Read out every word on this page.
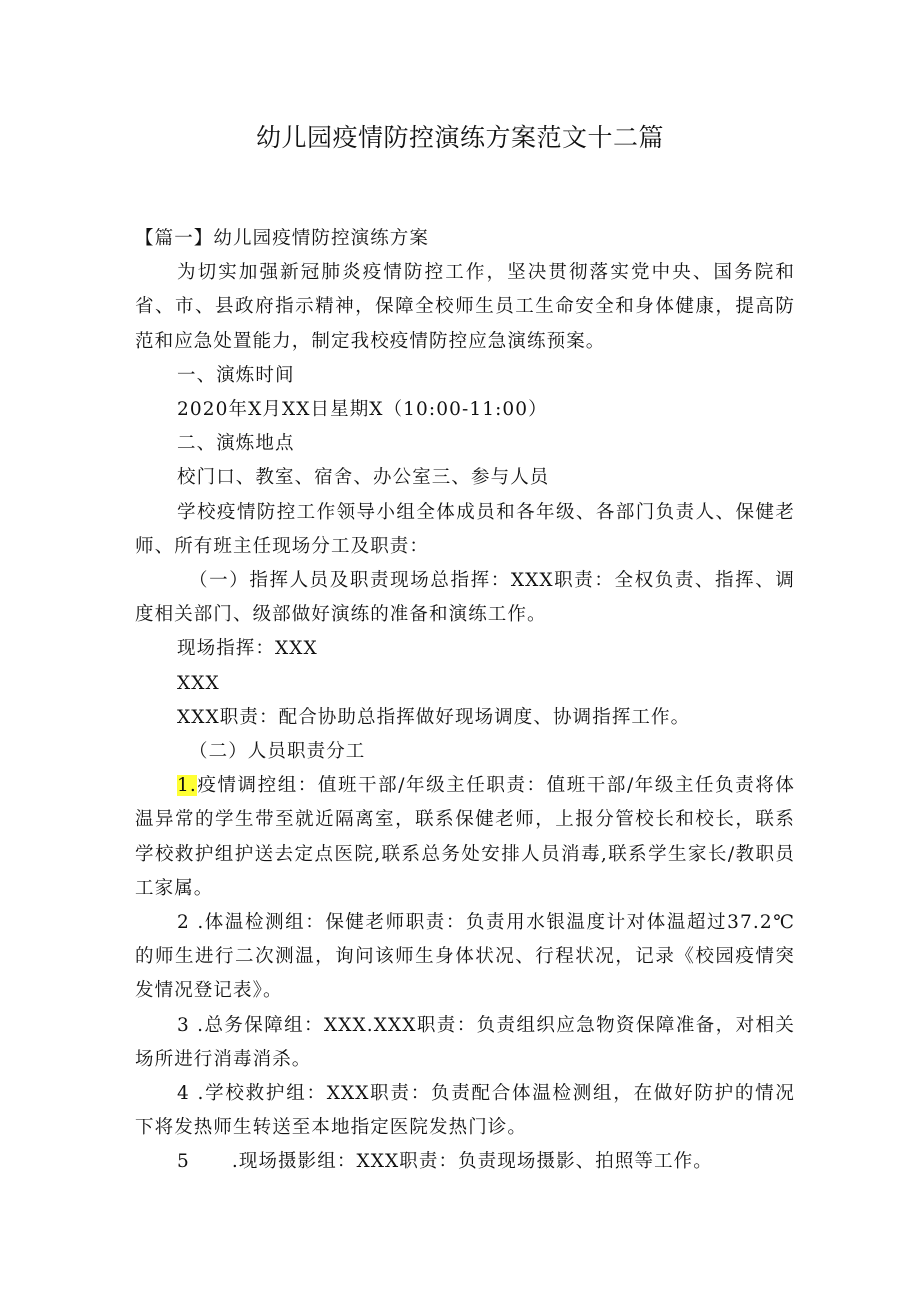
幼儿园疫情防控演练方案范文十二篇

【篇一】幼儿园疫情防控演练方案

为切实加强新冠肺炎疫情防控工作，坚决贯彻落实党中央、国务院和省、市、县政府指示精神，保障全校师生员工生命安全和身体健康，提高防范和应急处置能力，制定我校疫情防控应急演练预案。

一、演炼时间

2020年X月XX日星期X（10:00-11:00）

二、演炼地点

校门口、教室、宿舍、办公室三、参与人员

学校疫情防控工作领导小组全体成员和各年级、各部门负责人、保健老师、所有班主任现场分工及职责：

（一）指挥人员及职责现场总指挥：XXX职责：全权负责、指挥、调度相关部门、级部做好演练的准备和演练工作。

现场指挥：XXX

XXX

XXX职责：配合协助总指挥做好现场调度、协调指挥工作。

（二）人员职责分工

1.疫情调控组：值班干部/年级主任职责：值班干部/年级主任负责将体温异常的学生带至就近隔离室，联系保健老师，上报分管校长和校长，联系学校救护组护送去定点医院,联系总务处安排人员消毒,联系学生家长/教职员工家属。

2 .体温检测组：保健老师职责：负责用水银温度计对体温超过37.2℃的师生进行二次测温，询问该师生身体状况、行程状况，记录《校园疫情突发情况登记表》。

3 .总务保障组：XXX.XXX职责：负责组织应急物资保障准备，对相关场所进行消毒消杀。

4 .学校救护组：XXX职责：负责配合体温检测组，在做好防护的情况下将发热师生转送至本地指定医院发热门诊。

5 .现场摄影组：XXX职责：负责现场摄影、拍照等工作。
